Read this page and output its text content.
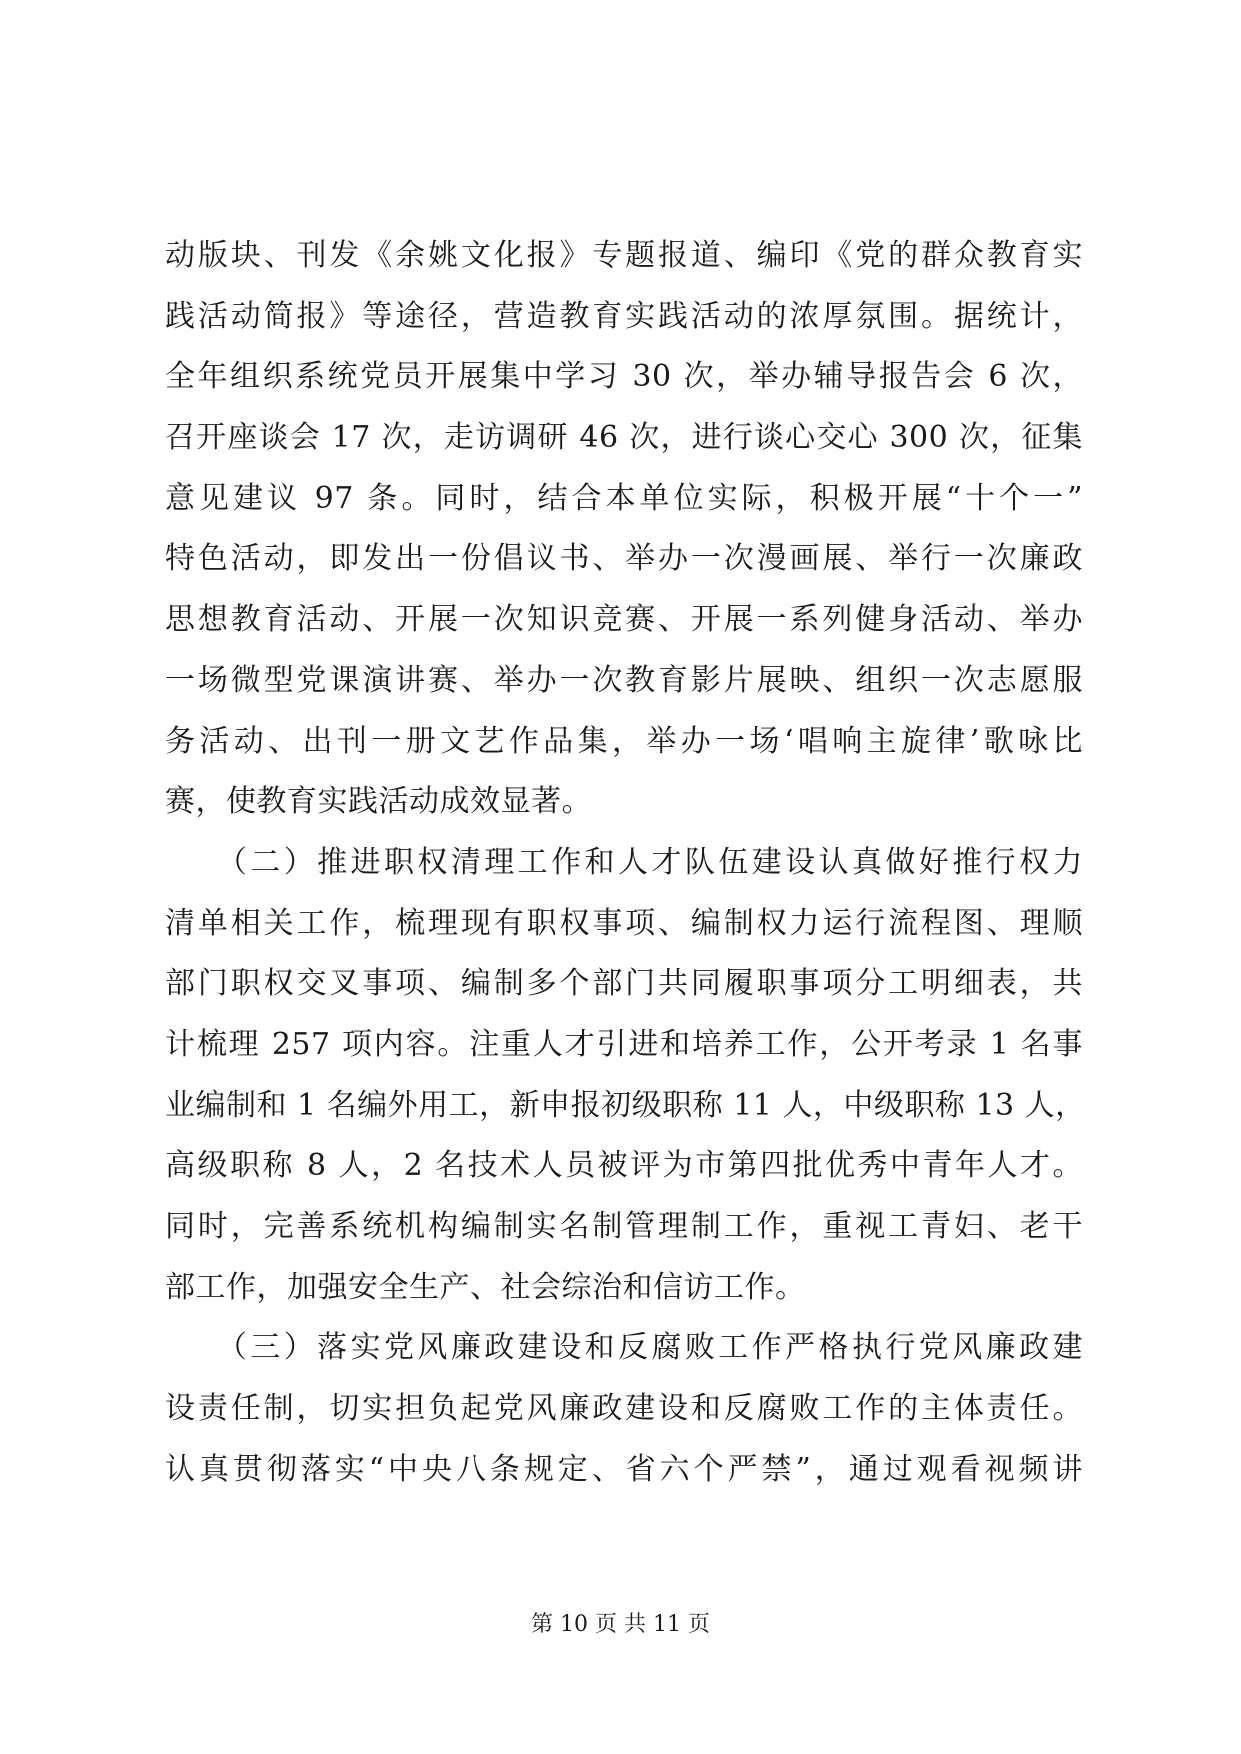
动版块、刊发《余姚文化报》专题报道、编印《党的群众教育实
践活动简报》等途径，营造教育实践活动的浓厚氛围。据统计，
全年组织系统党员开展集中学习 30 次，举办辅导报告会 6 次，
召开座谈会 17 次，走访调研 46 次，进行谈心交心 300 次，征集
意见建议 97 条。同时，结合本单位实际，积极开展“十个一”
特色活动，即发出一份倡议书、举办一次漫画展、举行一次廉政
思想教育活动、开展一次知识竞赛、开展一系列健身活动、举办
一场微型党课演讲赛、举办一次教育影片展映、组织一次志愿服
务活动、出刊一册文艺作品集，举办一场‘唱响主旋律’歌咏比
赛，使教育实践活动成效显著。
　　（二）推进职权清理工作和人才队伍建设认真做好推行权力
清单相关工作，梳理现有职权事项、编制权力运行流程图、理顺
部门职权交叉事项、编制多个部门共同履职事项分工明细表，共
计梳理 257 项内容。注重人才引进和培养工作，公开考录 1 名事
业编制和 1 名编外用工，新申报初级职称 11 人，中级职称 13 人，
高级职称 8 人，2 名技术人员被评为市第四批优秀中青年人才。
同时，完善系统机构编制实名制管理制工作，重视工青妇、老干
部工作，加强安全生产、社会综治和信访工作。
　　（三）落实党风廉政建设和反腐败工作严格执行党风廉政建
设责任制，切实担负起党风廉政建设和反腐败工作的主体责任。
认真贯彻落实“中央八条规定、省六个严禁”，通过观看视频讲
第 10 页 共 11 页
